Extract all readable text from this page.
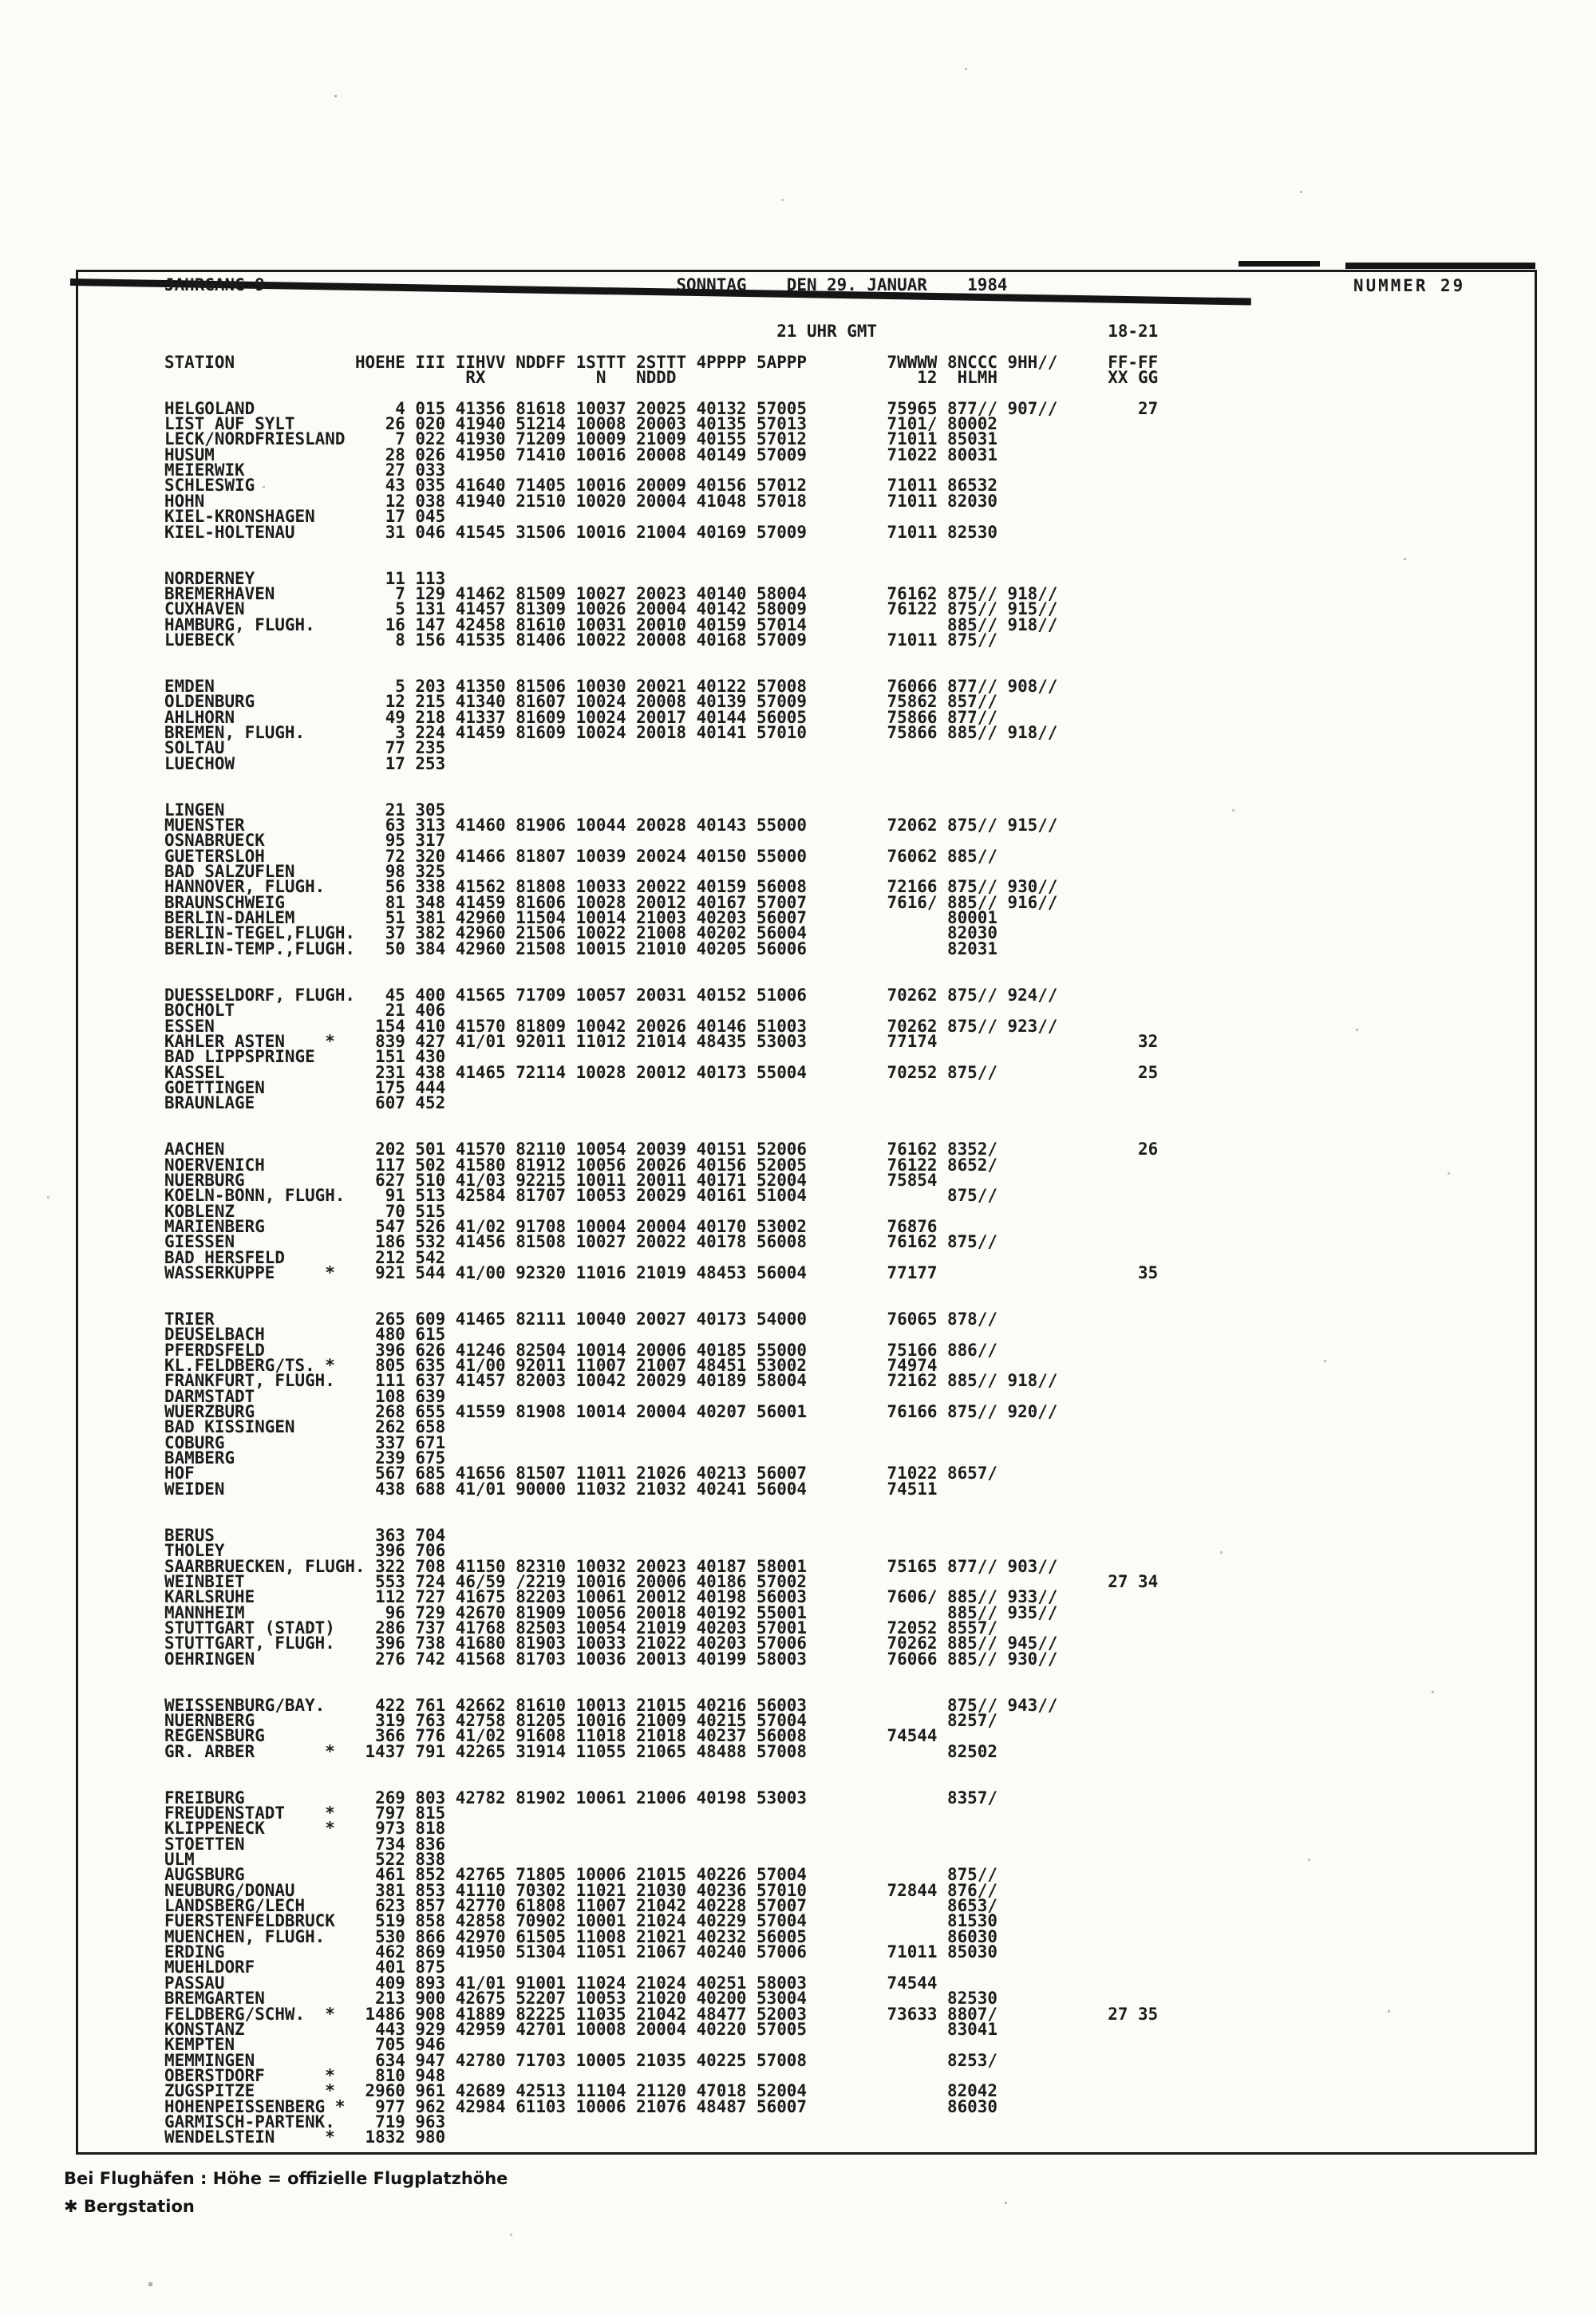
NUMMER 29
JAHRGANG 9                                         SONNTAG    DEN 29. JANUAR    1984

21 UHR GMT                       18-21

STATION            HOEHE III IIHVV NDDFF 1STTT 2STTT 4PPPP 5APPP        7WWWW 8NCCC 9HH//     FF-FF
RX           N   NDDD                        12  HLMH           XX GG

HELGOLAND              4 015 41356 81618 10037 20025 40132 57005        75965 877// 907//        27
LIST AUF SYLT         26 020 41940 51214 10008 20003 40135 57013        7101/ 80002
LECK/NORDFRIESLAND     7 022 41930 71209 10009 21009 40155 57012        71011 85031
HUSUM                 28 026 41950 71410 10016 20008 40149 57009        71022 80031
MEIERWIK              27 033
SCHLESWIG             43 035 41640 71405 10016 20009 40156 57012        71011 86532
HOHN                  12 038 41940 21510 10020 20004 41048 57018        71011 82030
KIEL-KRONSHAGEN       17 045
KIEL-HOLTENAU         31 046 41545 31506 10016 21004 40169 57009        71011 82530

NORDERNEY             11 113
BREMERHAVEN            7 129 41462 81509 10027 20023 40140 58004        76162 875// 918//
CUXHAVEN               5 131 41457 81309 10026 20004 40142 58009        76122 875// 915//
HAMBURG, FLUGH.       16 147 42458 81610 10031 20010 40159 57014              885// 918//
LUEBECK                8 156 41535 81406 10022 20008 40168 57009        71011 875//

EMDEN                  5 203 41350 81506 10030 20021 40122 57008        76066 877// 908//
OLDENBURG             12 215 41340 81607 10024 20008 40139 57009        75862 857//
AHLHORN               49 218 41337 81609 10024 20017 40144 56005        75866 877//
BREMEN, FLUGH.         3 224 41459 81609 10024 20018 40141 57010        75866 885// 918//
SOLTAU                77 235
LUECHOW               17 253

LINGEN                21 305
MUENSTER              63 313 41460 81906 10044 20028 40143 55000        72062 875// 915//
OSNABRUECK            95 317
GUETERSLOH            72 320 41466 81807 10039 20024 40150 55000        76062 885//
BAD SALZUFLEN         98 325
HANNOVER, FLUGH.      56 338 41562 81808 10033 20022 40159 56008        72166 875// 930//
BRAUNSCHWEIG          81 348 41459 81606 10028 20012 40167 57007        7616/ 885// 916//
BERLIN-DAHLEM         51 381 42960 11504 10014 21003 40203 56007              80001
BERLIN-TEGEL,FLUGH.   37 382 42960 21506 10022 21008 40202 56004              82030
BERLIN-TEMP.,FLUGH.   50 384 42960 21508 10015 21010 40205 56006              82031

DUESSELDORF, FLUGH.   45 400 41565 71709 10057 20031 40152 51006        70262 875// 924//
BOCHOLT               21 406
ESSEN                154 410 41570 81809 10042 20026 40146 51003        70262 875// 923//
KAHLER ASTEN    *    839 427 41/01 92011 11012 21014 48435 53003        77174                    32
BAD LIPPSPRINGE      151 430
KASSEL               231 438 41465 72114 10028 20012 40173 55004        70252 875//              25
GOETTINGEN           175 444
BRAUNLAGE            607 452

AACHEN               202 501 41570 82110 10054 20039 40151 52006        76162 8352/              26
NOERVENICH           117 502 41580 81912 10056 20026 40156 52005        76122 8652/
NUERBURG             627 510 41/03 92215 10011 20011 40171 52004        75854
KOELN-BONN, FLUGH.    91 513 42584 81707 10053 20029 40161 51004              875//
KOBLENZ               70 515
MARIENBERG           547 526 41/02 91708 10004 20004 40170 53002        76876
GIESSEN              186 532 41456 81508 10027 20022 40178 56008        76162 875//
BAD HERSFELD         212 542
WASSERKUPPE     *    921 544 41/00 92320 11016 21019 48453 56004        77177                    35

TRIER                265 609 41465 82111 10040 20027 40173 54000        76065 878//
DEUSELBACH           480 615
PFERDSFELD           396 626 41246 82504 10014 20006 40185 55000        75166 886//
KL.FELDBERG/TS. *    805 635 41/00 92011 11007 21007 48451 53002        74974
FRANKFURT, FLUGH.    111 637 41457 82003 10042 20029 40189 58004        72162 885// 918//
DARMSTADT            108 639
WUERZBURG            268 655 41559 81908 10014 20004 40207 56001        76166 875// 920//
BAD KISSINGEN        262 658
COBURG               337 671
BAMBERG              239 675
HOF                  567 685 41656 81507 11011 21026 40213 56007        71022 8657/
WEIDEN               438 688 41/01 90000 11032 21032 40241 56004        74511

BERUS                363 704
THOLEY               396 706
SAARBRUECKEN, FLUGH. 322 708 41150 82310 10032 20023 40187 58001        75165 877// 903//
WEINBIET             553 724 46/59 /2219 10016 20006 40186 57002                              27 34
KARLSRUHE            112 727 41675 82203 10061 20012 40198 56003        7606/ 885// 933//
MANNHEIM              96 729 42670 81909 10056 20018 40192 55001              885// 935//
STUTTGART (STADT)    286 737 41768 82503 10054 21019 40203 57001        72052 8557/
STUTTGART, FLUGH.    396 738 41680 81903 10033 21022 40203 57006        70262 885// 945//
OEHRINGEN            276 742 41568 81703 10036 20013 40199 58003        76066 885// 930//

WEISSENBURG/BAY.     422 761 42662 81610 10013 21015 40216 56003              875// 943//
NUERNBERG            319 763 42758 81205 10016 21009 40215 57004              8257/
REGENSBURG           366 776 41/02 91608 11018 21018 40237 56008        74544
GR. ARBER       *   1437 791 42265 31914 11055 21065 48488 57008              82502

FREIBURG             269 803 42782 81902 10061 21006 40198 53003              8357/
FREUDENSTADT    *    797 815
KLIPPENECK      *    973 818
STOETTEN             734 836
ULM                  522 838
AUGSBURG             461 852 42765 71805 10006 21015 40226 57004              875//
NEUBURG/DONAU        381 853 41110 70302 11021 21030 40236 57010        72844 876//
LANDSBERG/LECH       623 857 42770 61808 11007 21042 40228 57007              8653/
FUERSTENFELDBRUCK    519 858 42858 70902 10001 21024 40229 57004              81530
MUENCHEN, FLUGH.     530 866 42970 61505 11008 21021 40232 56005              86030
ERDING               462 869 41950 51304 11051 21067 40240 57006        71011 85030
MUEHLDORF            401 875
PASSAU               409 893 41/01 91001 11024 21024 40251 58003        74544
BREMGARTEN           213 900 42675 52207 10053 21020 40200 53004              82530
FELDBERG/SCHW.  *   1486 908 41889 82225 11035 21042 48477 52003        73633 8807/           27 35
KONSTANZ             443 929 42959 42701 10008 20004 40220 57005              83041
KEMPTEN              705 946
MEMMINGEN            634 947 42780 71703 10005 21035 40225 57008              8253/
OBERSTDORF      *    810 948
ZUGSPITZE       *   2960 961 42689 42513 11104 21120 47018 52004              82042
HOHENPEISSENBERG *   977 962 42984 61103 10006 21076 48487 56007              86030
GARMISCH-PARTENK.    719 963
WENDELSTEIN     *   1832 980
Bei Flughäfen : Höhe = offizielle Flugplatzhöhe
✱ Bergstation
